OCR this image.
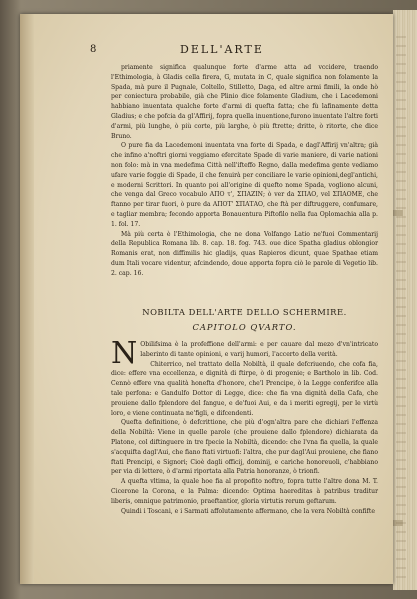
8	DELL'ARTE

priamente significa qualunque forte d'arme atta ad vccidere, traendo l'Ethimologia, à Gladis cella firera, G, mutata in C, quale significa non folamente la Spada, mà pure il Pugnale, Coltello, Stilletto, Daga, ed altre armi fimili, la onde hò per coniectura probabile, già che Plinio dice folamente Gladium, che i Lacedemoni habbiano inuentata qualche forte d'armi di quefta fatta; che fù lafinamente detta Gladius; e che pofcia da gl'Affirij, fopra quella inuentione,furono inuentate l'altre forti d'armi, più lunghe, ò più corte, più larghe, ò più ftrette; dritte, ò ritorte, che dice Bruno.

O pure fia da Lacedemoni inuentata vna forte di Spada, e dagl'Affirij vn'altra; già che infino a'noftri giorni veggiamo efercitate Spade di varie maniere, di varie nationi non folo: mà in vna medefima Città nell'ifteffo Regno, dalla medefima gente vediamo ufare varie foggie di Spade, il che fenuirà per conciliare le varie opinioni,degl'antichi, e moderni Scrittori. In quanto poi all'origine di quefto nome Spada, vogliono alcuni, che venga dal Greco vocabulo ΑΠΟ τ', ΣΠΑΖΙΝ; ò ver da ΣΠΑΟ, vel ΣΠΑΟΜΕ, che ftanno per tirar fuori, ò pure da ΑΠΟΤ' ΣΠΑΤΑΟ, che ftà per diftruggere, confumare, e tagliar membra; fecondo apporta Bonauentura Piftofilo nella fua Oplomachia alla p. 1. fol. 17.

Mà più certa è l'Ethimologia, che ne dona Volfango Latio ne'fuoi Commentarij della Republica Romana lib. 8. cap. 18. fog. 743. oue dice Spatha gladius oblongior Romanis erat, non diffimilis hic gladijs, quas Rapieros dicunt, quae Spathae etiam dum Itali vocare videntur, afcindendo, doue apporta fopra ciò le parole di Vegetio lib. 2. cap. 16.

NOBILTA DELL'ARTE DELLO SCHERMIRE.
CAPITOLO QVARTO.

N Obilifsima è la profeffione dell'armi: e per cauare dal mezo d'vn'intricato laberinto di tante opinioni, e varij humori, l'accerto della verità.

Chiterrico, nel trattato della Nobiltà, il quale defcriuendo, che cofa fia, dice: effere vna eccellenza, e dignità di ftirpe, ò di progenie; e Bartholo in lib. Cod. Cennò effere vna qualità honefta d'honore, che'l Prencipe, ò la Legge conferifce alla tale perfona: e Gandulfo Dottor di Legge, dice: che fia vna dignità della Cafa, che prouiene dallo fplendore del fangue, e de'fuoi Aui, e da i meriti egregij, per le virtù loro, e viene continuata ne'figli, e difcendenti.

Quefta definitione, ò defcrittione, che più d'ogn'altra pare che dichiari l'effenza della Nobiltà: Viene in quelle parole (che prouiene dallo fplendore) dichiarata da Platone, col diftinguere in tre fpecie la Nobiltà, dicendo: che l'vna fia quella, la quale s'acquifta dagl'Aui, che fiano ftati virtuofi: l'altra, che pur dagl'Aui prouiene, che fiano ftati Prencipi, e Signori; Cioè dagli officij, dominij, e cariche honoreuoli, c'habbiano per via di lettere, ò d'armi riportata alla Patria honoranze, ò trionfi.

A quefta vltima, la quale hoe fia al propofito noftro, fopra tutte l'altre dona M. T. Cicerone la Corona, e la Palma: dicendo: Optima haereditas à patribus traditur liberis, omnique patrimonio, praeftantior, gloria virtutis rerum geftarum.

Quindi i Toscani, e i Sarmati affolutamente affermano, che la vera Nobiltà confifte
